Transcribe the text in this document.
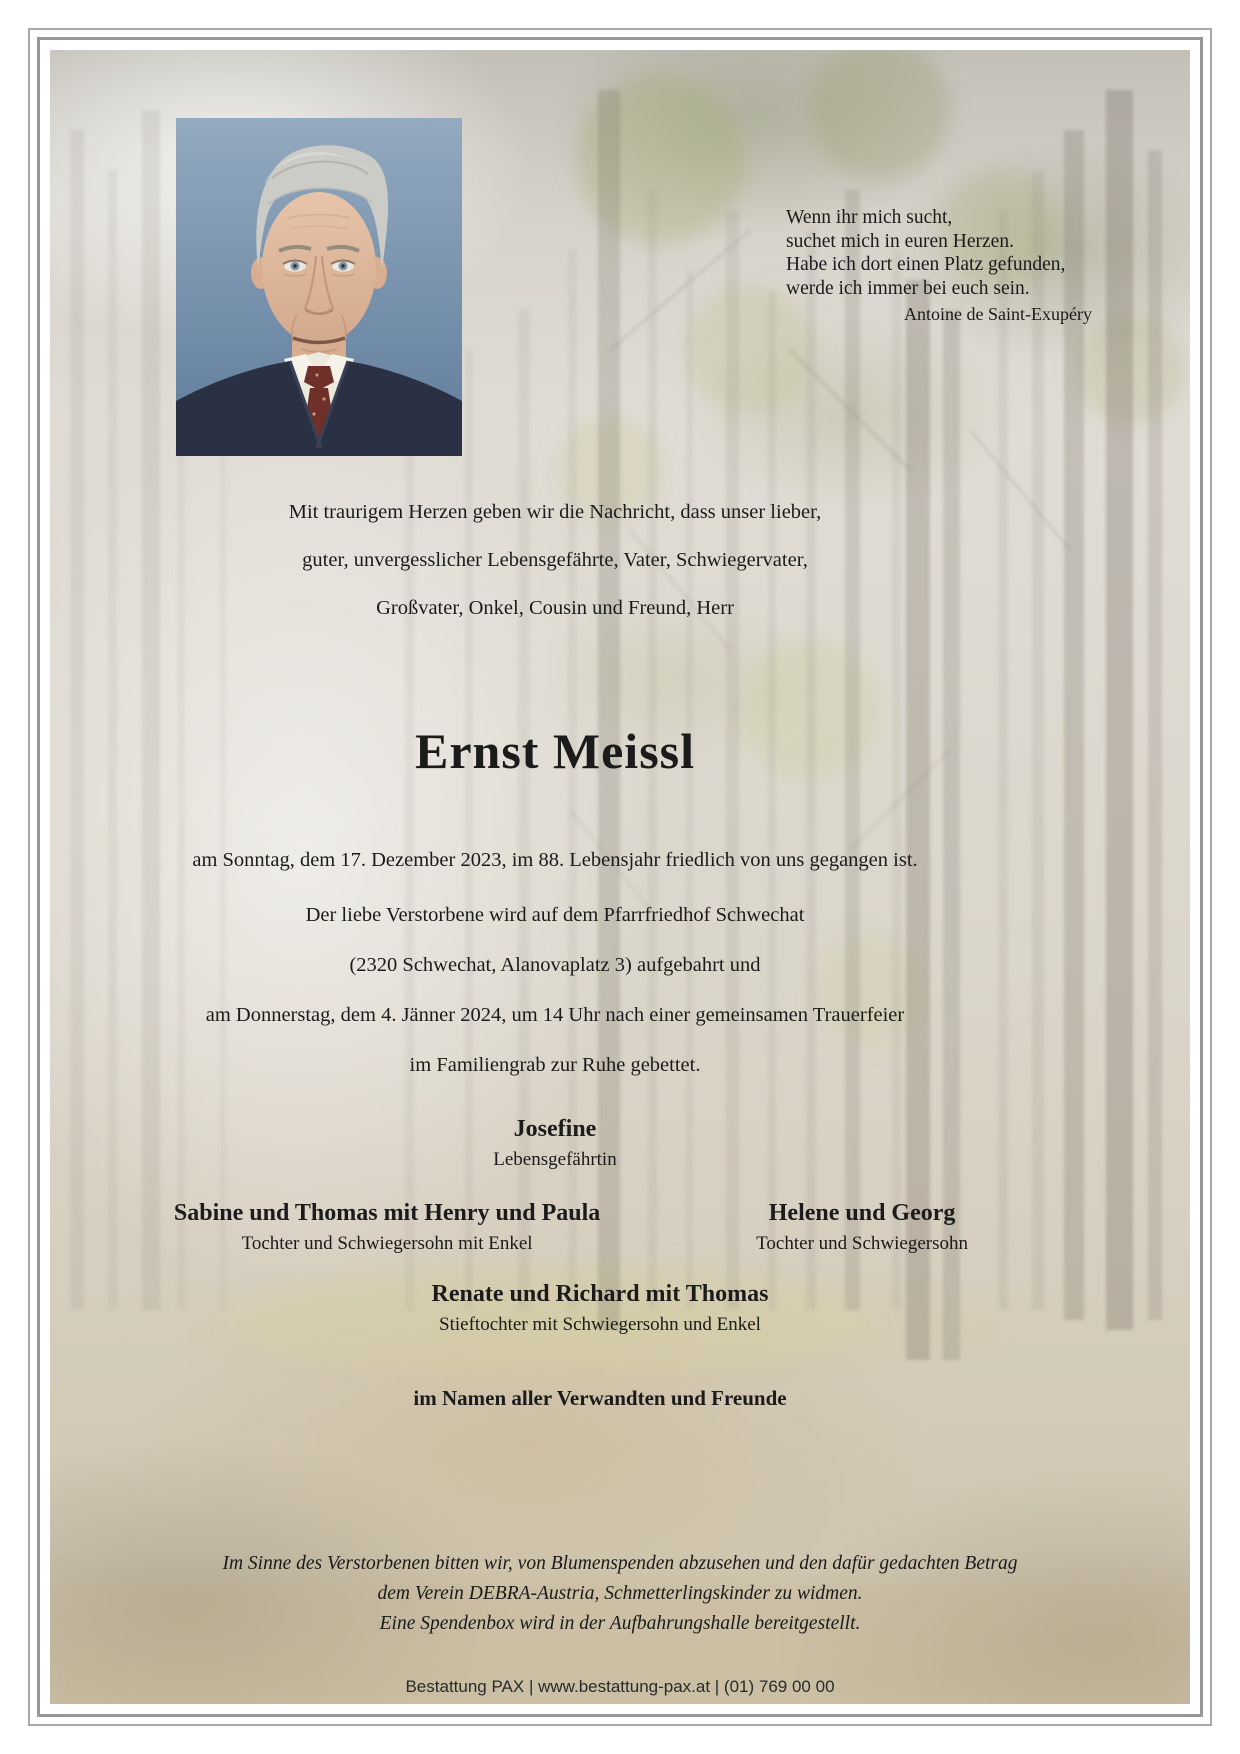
Wenn ihr mich sucht,
suchet mich in euren Herzen.
Habe ich dort einen Platz gefunden,
werde ich immer bei euch sein.
Antoine de Saint-Exupéry
Mit traurigem Herzen geben wir die Nachricht, dass unser lieber,
guter, unvergesslicher Lebensgefährte, Vater, Schwiegervater,
Großvater, Onkel, Cousin und Freund, Herr
Ernst Meissl
am Sonntag, dem 17. Dezember 2023, im 88. Lebensjahr friedlich von uns gegangen ist.
Der liebe Verstorbene wird auf dem Pfarrfriedhof Schwechat
(2320 Schwechat, Alanovaplatz 3) aufgebahrt und
am Donnerstag, dem 4. Jänner 2024, um 14 Uhr nach einer gemeinsamen Trauerfeier
im Familiengrab zur Ruhe gebettet.
Josefine
Lebensgefährtin
Sabine und Thomas mit Henry und Paula
Tochter und Schwiegersohn mit Enkel
Helene und Georg
Tochter und Schwiegersohn
Renate und Richard mit Thomas
Stieftochter mit Schwiegersohn und Enkel
im Namen aller Verwandten und Freunde
Im Sinne des Verstorbenen bitten wir, von Blumenspenden abzusehen und den dafür gedachten Betrag
dem Verein DEBRA-Austria, Schmetterlingskinder zu widmen.
Eine Spendenbox wird in der Aufbahrungshalle bereitgestellt.
Bestattung PAX | www.bestattung-pax.at | (01) 769 00 00
